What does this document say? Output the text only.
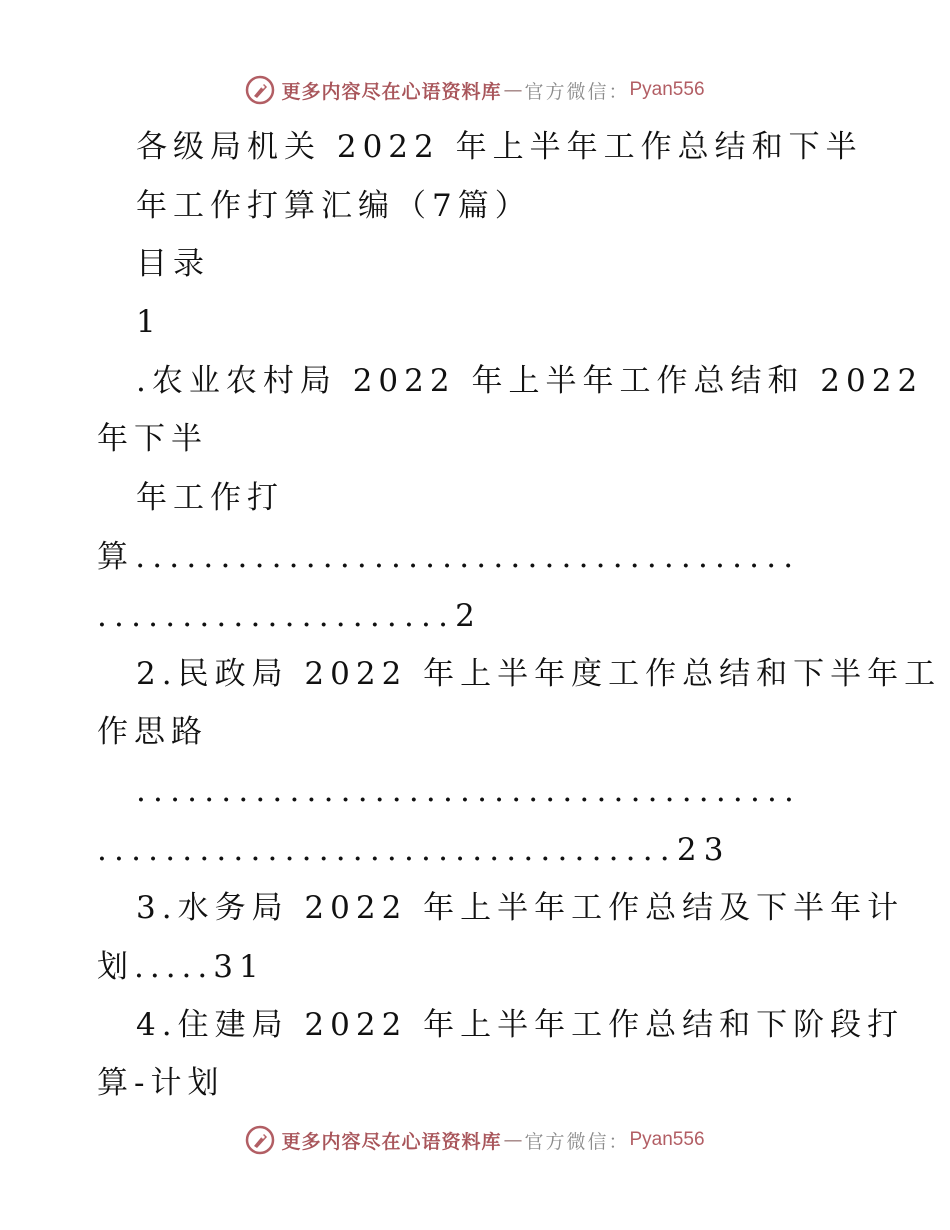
更多内容尽在心语资料库 — 官方微信： Pyan556
各级局机关 2022 年上半年工作总结和下半
年工作打算汇编（7篇）
目录
1
.农业农村局 2022 年上半年工作总结和 2022
年下半
年工作打
算.......................................
.....................2
2.民政局 2022 年上半年度工作总结和下半年工
作思路
.......................................
..................................23
3.水务局 2022 年上半年工作总结及下半年计
划.....31
4.住建局 2022 年上半年工作总结和下阶段打
算-计划
更多内容尽在心语资料库 — 官方微信： Pyan556
